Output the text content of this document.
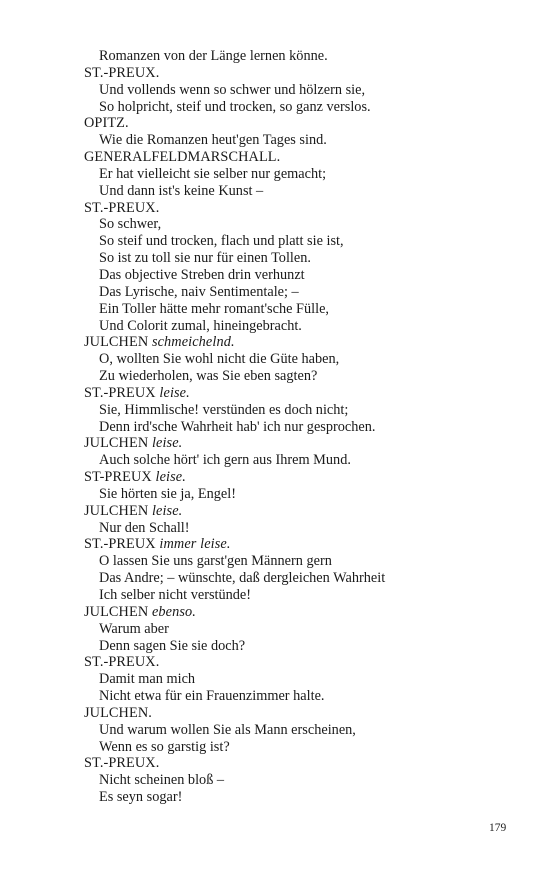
Romanzen von der Länge lernen könne.
ST.-PREUX.
Und vollends wenn so schwer und hölzern sie,
So holpricht, steif und trocken, so ganz verslos.
OPITZ.
Wie die Romanzen heut'gen Tages sind.
GENERALFELDMARSCHALL.
Er hat vielleicht sie selber nur gemacht;
Und dann ist's keine Kunst –
ST.-PREUX.
So schwer,
So steif und trocken, flach und platt sie ist,
So ist zu toll sie nur für einen Tollen.
Das objective Streben drin verhunzt
Das Lyrische, naiv Sentimentale; –
Ein Toller hätte mehr romant'sche Fülle,
Und Colorit zumal, hineingebracht.
JULCHEN schmeichelnd.
O, wollten Sie wohl nicht die Güte haben,
Zu wiederholen, was Sie eben sagten?
ST.-PREUX leise.
Sie, Himmlische! verstünden es doch nicht;
Denn ird'sche Wahrheit hab' ich nur gesprochen.
JULCHEN leise.
Auch solche hört' ich gern aus Ihrem Mund.
ST-PREUX leise.
Sie hörten sie ja, Engel!
JULCHEN leise.
Nur den Schall!
ST.-PREUX immer leise.
O lassen Sie uns garst'gen Männern gern
Das Andre; – wünschte, daß dergleichen Wahrheit
Ich selber nicht verstünde!
JULCHEN ebenso.
Warum aber
Denn sagen Sie sie doch?
ST.-PREUX.
Damit man mich
Nicht etwa für ein Frauenzimmer halte.
JULCHEN.
Und warum wollen Sie als Mann erscheinen,
Wenn es so garstig ist?
ST.-PREUX.
Nicht scheinen bloß –
Es seyn sogar!
179
